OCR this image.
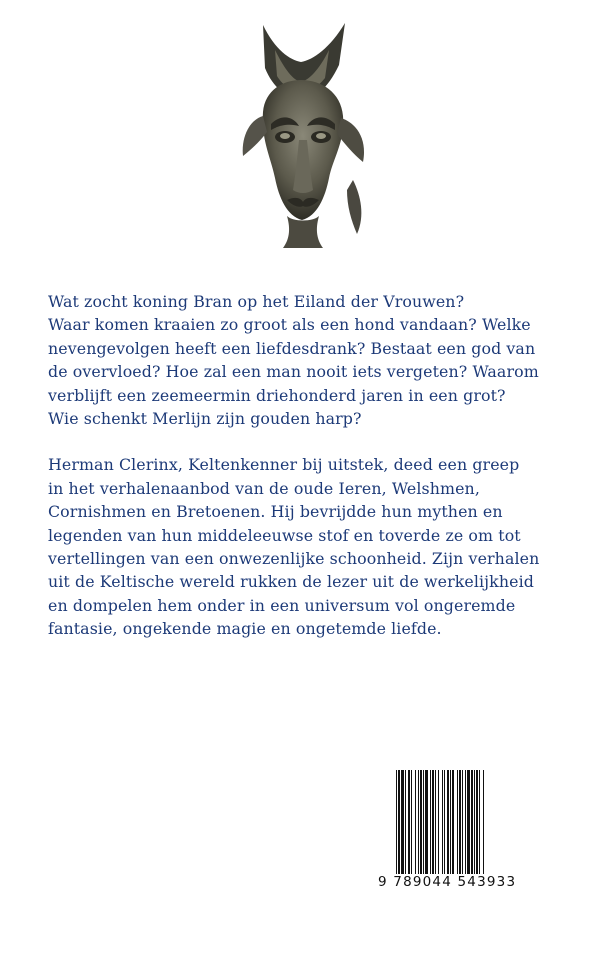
Wat zocht koning Bran op het Eiland der Vrouwen?
Waar komen kraaien zo groot als een hond vandaan? Welke
nevengevolgen heeft een liefdesdrank? Bestaat een god van
de overvloed? Hoe zal een man nooit iets vergeten? Waarom
verblijft een zeemeermin driehonderd jaren in een grot?
Wie schenkt Merlijn zijn gouden harp?

Herman Clerinx, Keltenkenner bij uitstek, deed een greep
in het verhalenaanbod van de oude Ieren, Welshmen,
Cornishmen en Bretoenen. Hij bevrijdde hun mythen en
legenden van hun middeleeuwse stof en toverde ze om tot
vertellingen van een onwezenlijke schoonheid. Zijn verhalen
uit de Keltische wereld rukken de lezer uit de werkelijkheid
en dompelen hem onder in een universum vol ongeremde
fantasie, ongekende magie en ongetemde liefde.

9 789044 543933
